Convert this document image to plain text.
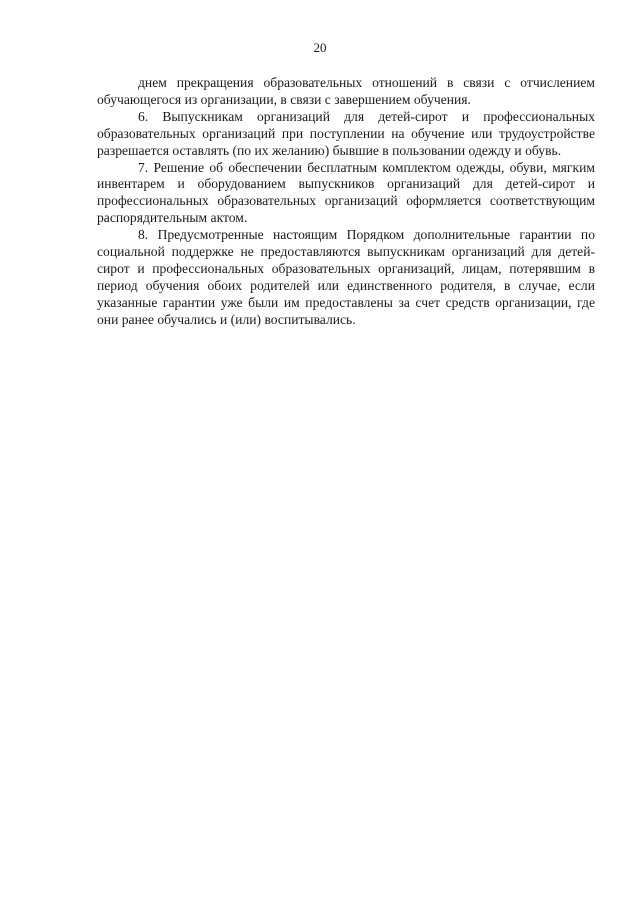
20

днем прекращения образовательных отношений в связи с отчислением обучающегося из организации, в связи с завершением обучения.

6. Выпускникам организаций для детей-сирот и профессиональных образовательных организаций при поступлении на обучение или трудоустройстве разрешается оставлять (по их желанию) бывшие в пользовании одежду и обувь.

7. Решение об обеспечении бесплатным комплектом одежды, обуви, мягким инвентарем и оборудованием выпускников организаций для детей-сирот и профессиональных образовательных организаций оформляется соответствующим распорядительным актом.

8. Предусмотренные настоящим Порядком дополнительные гарантии по социальной поддержке не предоставляются выпускникам организаций для детей-сирот и профессиональных образовательных организаций, лицам, потерявшим в период обучения обоих родителей или единственного родителя, в случае, если указанные гарантии уже были им предоставлены за счет средств организации, где они ранее обучались и (или) воспитывались.
